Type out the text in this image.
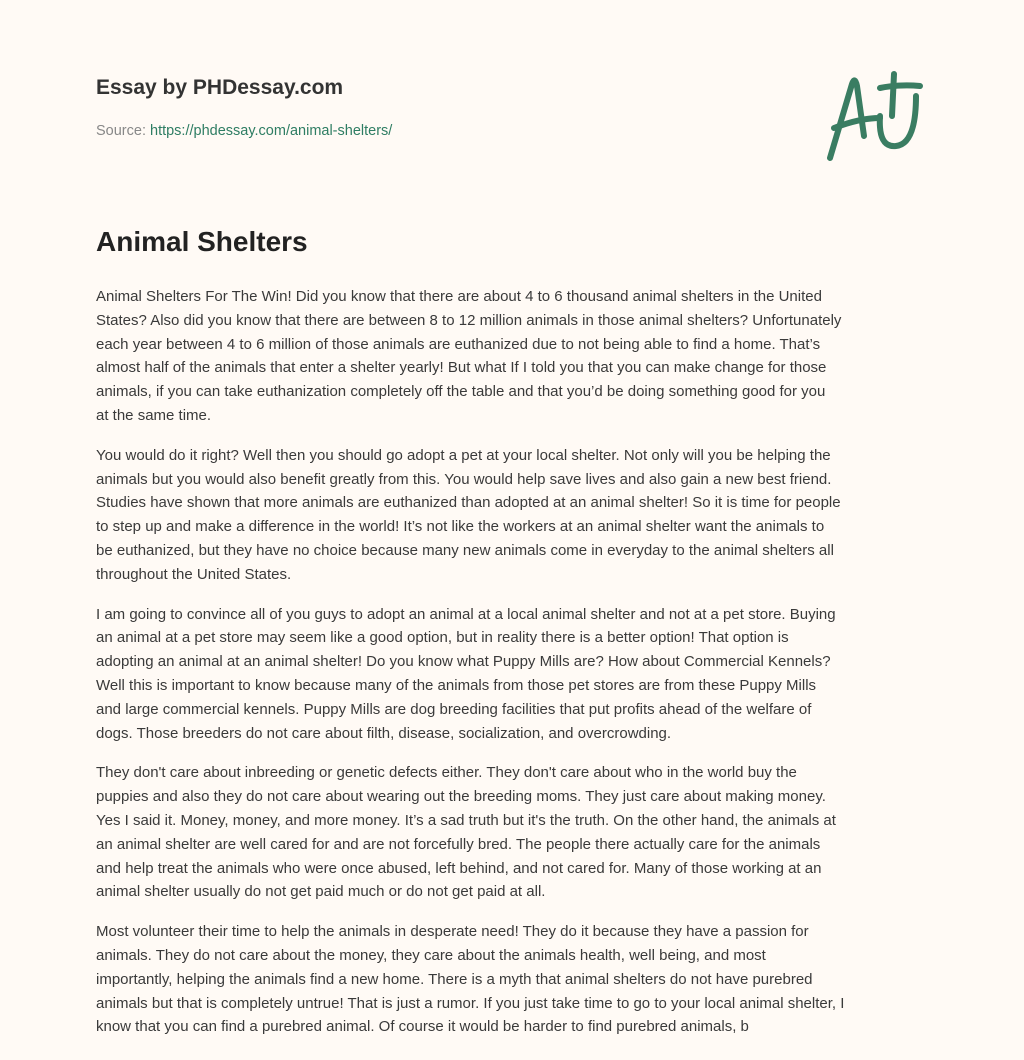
Essay by PHDessay.com
Source: https://phdessay.com/animal-shelters/
Animal Shelters

Animal Shelters For The Win! Did you know that there are about 4 to 6 thousand animal shelters in the United
States? Also did you know that there are between 8 to 12 million animals in those animal shelters? Unfortunately
each year between 4 to 6 million of those animals are euthanized due to not being able to find a home. That’s
almost half of the animals that enter a shelter yearly! But what If I told you that you can make change for those
animals, if you can take euthanization completely off the table and that you’d be doing something good for you
at the same time.

You would do it right? Well then you should go adopt a pet at your local shelter. Not only will you be helping the
animals but you would also benefit greatly from this. You would help save lives and also gain a new best friend.
Studies have shown that more animals are euthanized than adopted at an animal shelter! So it is time for people
to step up and make a difference in the world! It’s not like the workers at an animal shelter want the animals to
be euthanized, but they have no choice because many new animals come in everyday to the animal shelters all
throughout the United States.

I am going to convince all of you guys to adopt an animal at a local animal shelter and not at a pet store. Buying
an animal at a pet store may seem like a good option, but in reality there is a better option! That option is
adopting an animal at an animal shelter! Do you know what Puppy Mills are? How about Commercial Kennels?
Well this is important to know because many of the animals from those pet stores are from these Puppy Mills
and large commercial kennels. Puppy Mills are dog breeding facilities that put profits ahead of the welfare of
dogs. Those breeders do not care about filth, disease, socialization, and overcrowding.

They don't care about inbreeding or genetic defects either. They don't care about who in the world buy the
puppies and also they do not care about wearing out the breeding moms. They just care about making money.
Yes I said it. Money, money, and more money. It’s a sad truth but it's the truth. On the other hand, the animals at
an animal shelter are well cared for and are not forcefully bred. The people there actually care for the animals
and help treat the animals who were once abused, left behind, and not cared for. Many of those working at an
animal shelter usually do not get paid much or do not get paid at all.

Most volunteer their time to help the animals in desperate need! They do it because they have a passion for
animals. They do not care about the money, they care about the animals health, well being, and most
importantly, helping the animals find a new home. There is a myth that animal shelters do not have purebred
animals but that is completely untrue! That is just a rumor. If you just take time to go to your local animal shelter, I
know that you can find a purebred animal. Of course it would be harder to find purebred animals, b
